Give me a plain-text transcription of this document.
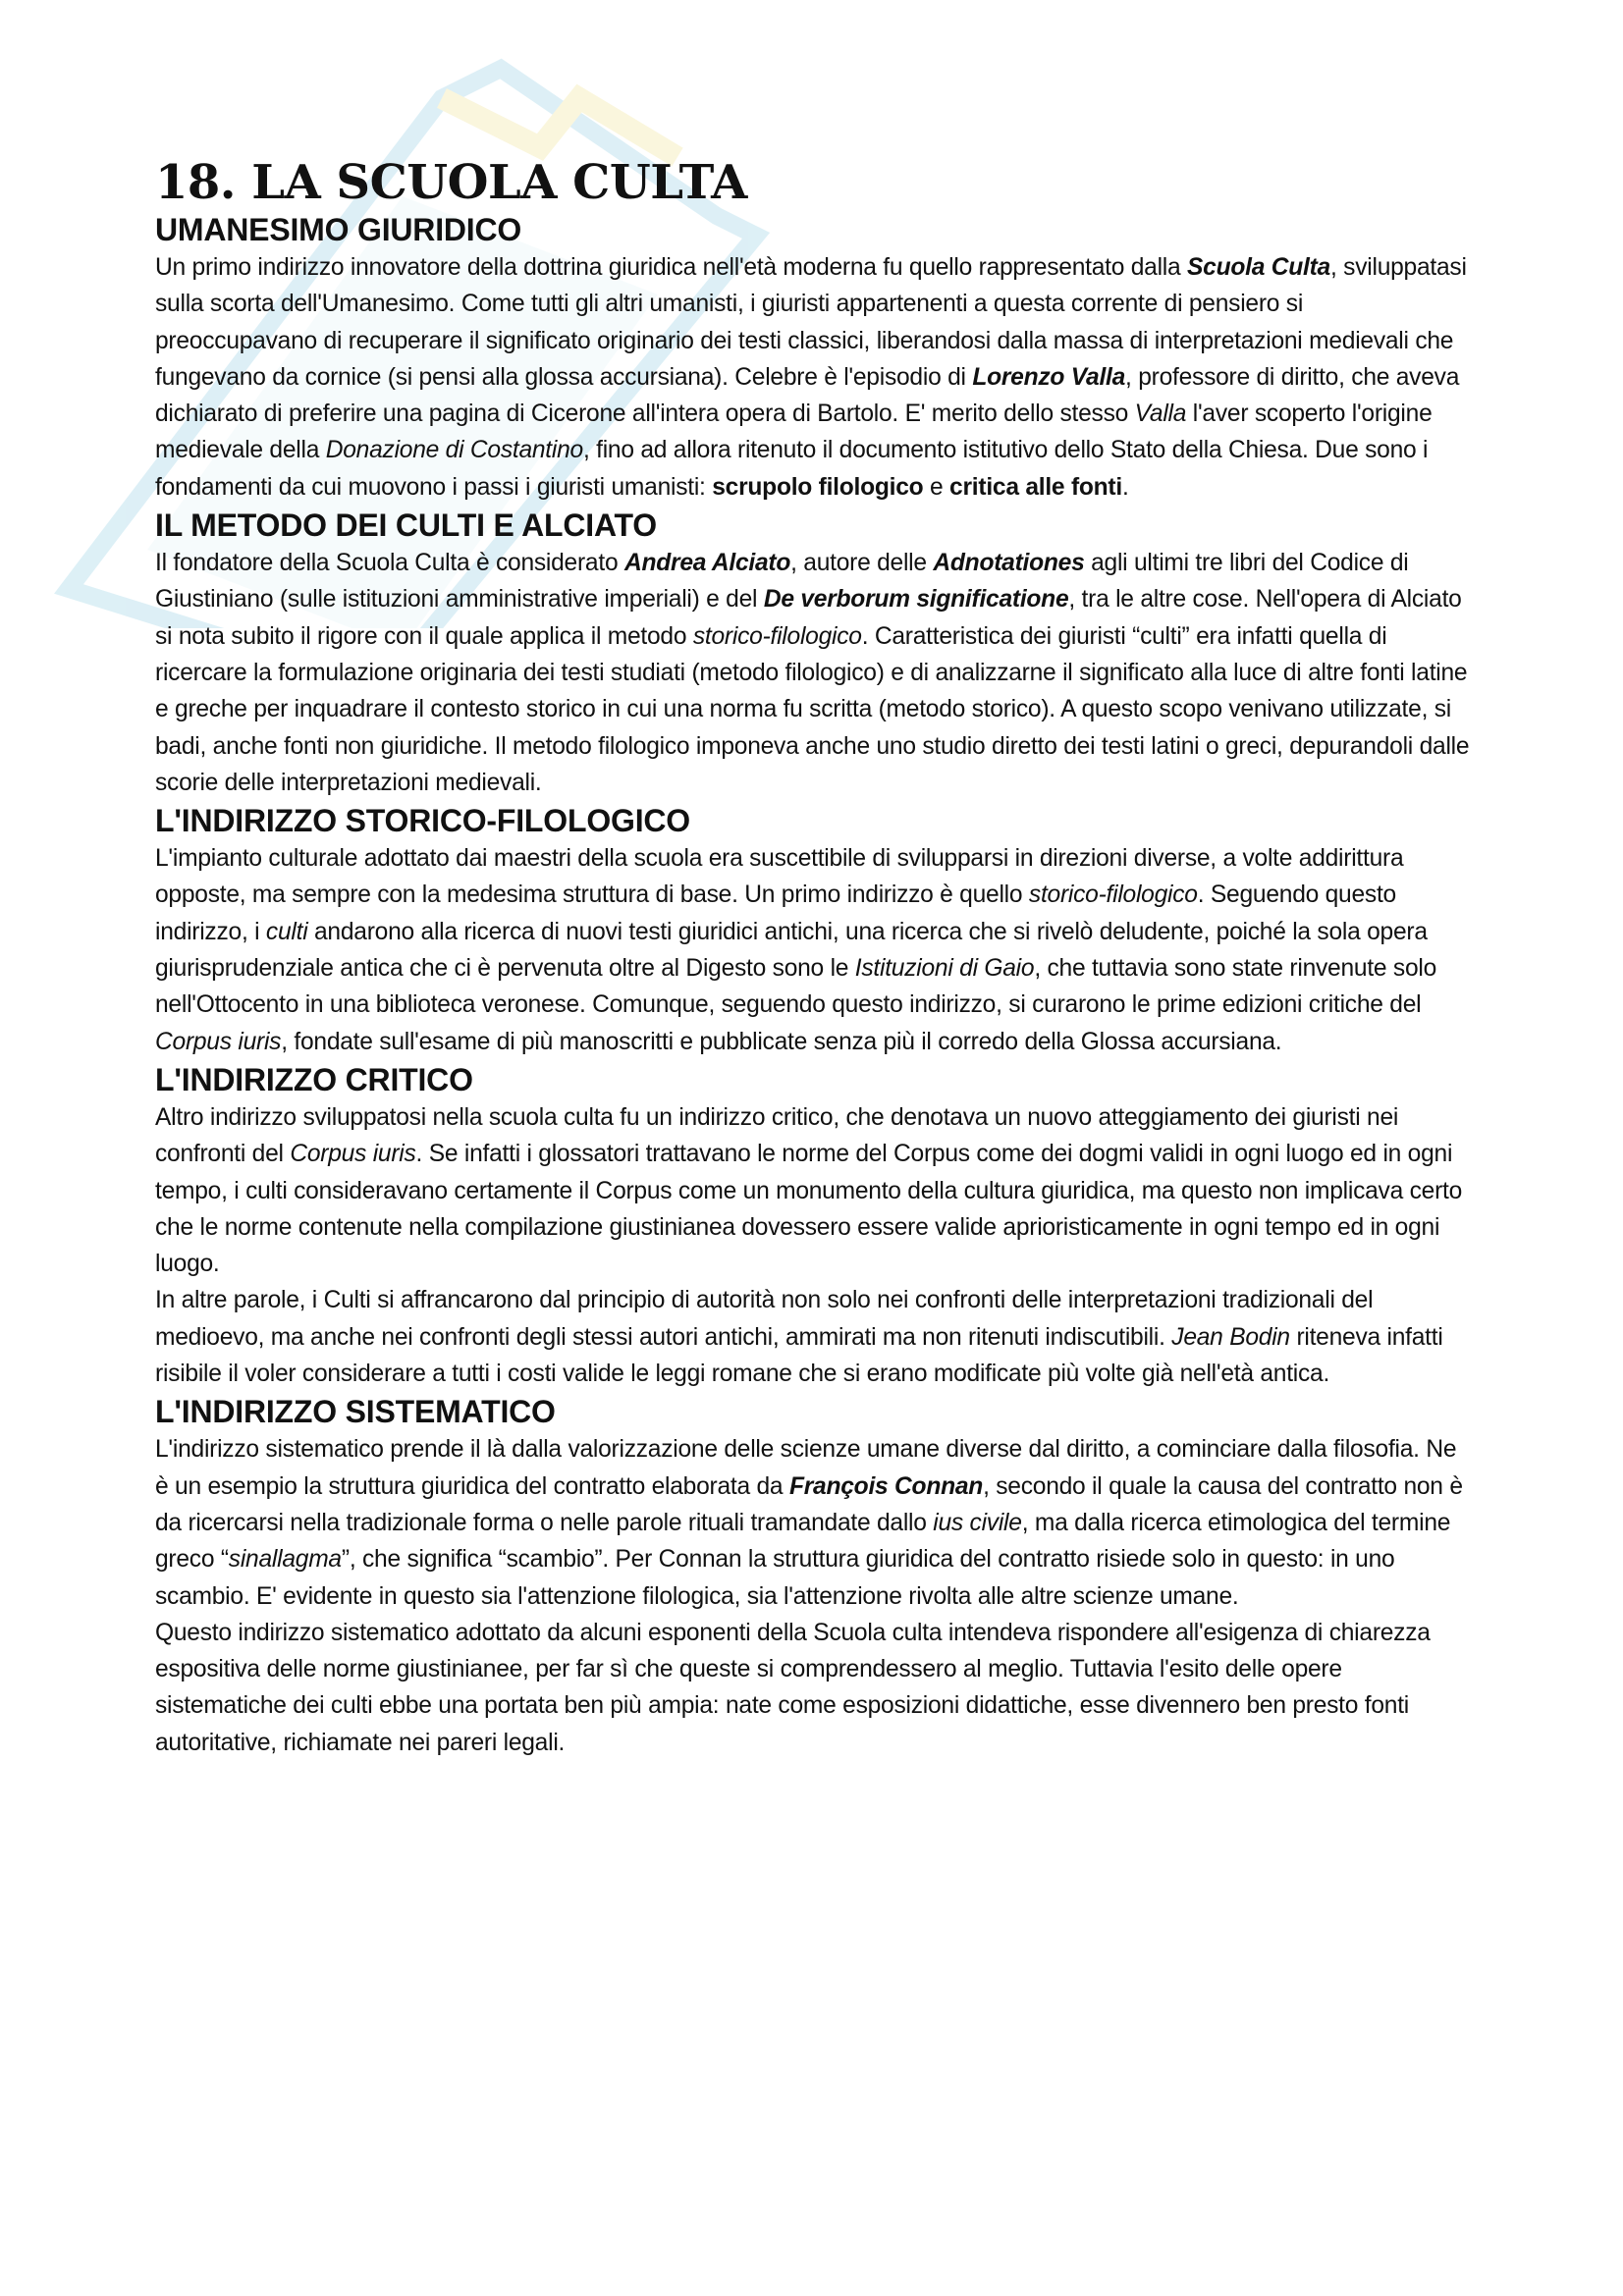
18. LA SCUOLA CULTA
UMANESIMO GIURIDICO

Un primo indirizzo innovatore della dottrina giuridica nell'età moderna fu quello rappresentato dalla Scuola Culta, sviluppatasi sulla scorta dell'Umanesimo. Come tutti gli altri umanisti, i giuristi appartenenti a questa corrente di pensiero si preoccupavano di recuperare il significato originario dei testi classici, liberandosi dalla massa di interpretazioni medievali che fungevano da cornice (si pensi alla glossa accursiana). Celebre è l'episodio di Lorenzo Valla, professore di diritto, che aveva dichiarato di preferire una pagina di Cicerone all'intera opera di Bartolo. E' merito dello stesso Valla l'aver scoperto l'origine medievale della Donazione di Costantino, fino ad allora ritenuto il documento istitutivo dello Stato della Chiesa. Due sono i fondamenti da cui muovono i passi i giuristi umanisti: scrupolo filologico e critica alle fonti.

IL METODO DEI CULTI E ALCIATO

Il fondatore della Scuola Culta è considerato Andrea Alciato, autore delle Adnotationes agli ultimi tre libri del Codice di Giustiniano (sulle istituzioni amministrative imperiali) e del De verborum significatione, tra le altre cose. Nell'opera di Alciato si nota subito il rigore con il quale applica il metodo storico-filologico. Caratteristica dei giuristi “culti” era infatti quella di ricercare la formulazione originaria dei testi studiati (metodo filologico) e di analizzarne il significato alla luce di altre fonti latine e greche per inquadrare il contesto storico in cui una norma fu scritta (metodo storico). A questo scopo venivano utilizzate, si badi, anche fonti non giuridiche. Il metodo filologico imponeva anche uno studio diretto dei testi latini o greci, depurandoli dalle scorie delle interpretazioni medievali.

L'INDIRIZZO STORICO-FILOLOGICO

L'impianto culturale adottato dai maestri della scuola era suscettibile di svilupparsi in direzioni diverse, a volte addirittura opposte, ma sempre con la medesima struttura di base. Un primo indirizzo è quello storico-filologico. Seguendo questo indirizzo, i culti andarono alla ricerca di nuovi testi giuridici antichi, una ricerca che si rivelò deludente, poiché la sola opera giurisprudenziale antica che ci è pervenuta oltre al Digesto sono le Istituzioni di Gaio, che tuttavia sono state rinvenute solo nell'Ottocento in una biblioteca veronese. Comunque, seguendo questo indirizzo, si curarono le prime edizioni critiche del Corpus iuris, fondate sull'esame di più manoscritti e pubblicate senza più il corredo della Glossa accursiana.

L'INDIRIZZO CRITICO

Altro indirizzo sviluppatosi nella scuola culta fu un indirizzo critico, che denotava un nuovo atteggiamento dei giuristi nei confronti del Corpus iuris. Se infatti i glossatori trattavano le norme del Corpus come dei dogmi validi in ogni luogo ed in ogni tempo, i culti consideravano certamente il Corpus come un monumento della cultura giuridica, ma questo non implicava certo che le norme contenute nella compilazione giustinianea dovessero essere valide aprioristicamente in ogni tempo ed in ogni luogo.

In altre parole, i Culti si affrancarono dal principio di autorità non solo nei confronti delle interpretazioni tradizionali del medioevo, ma anche nei confronti degli stessi autori antichi, ammirati ma non ritenuti indiscutibili. Jean Bodin riteneva infatti risibile il voler considerare a tutti i costi valide le leggi romane che si erano modificate più volte già nell'età antica.

L'INDIRIZZO SISTEMATICO

L'indirizzo sistematico prende il là dalla valorizzazione delle scienze umane diverse dal diritto, a cominciare dalla filosofia. Ne è un esempio la struttura giuridica del contratto elaborata da François Connan, secondo il quale la causa del contratto non è da ricercarsi nella tradizionale forma o nelle parole rituali tramandate dallo ius civile, ma dalla ricerca etimologica del termine greco “sinallagma”, che significa “scambio”. Per Connan la struttura giuridica del contratto risiede solo in questo: in uno scambio. E' evidente in questo sia l'attenzione filologica, sia l'attenzione rivolta alle altre scienze umane.

Questo indirizzo sistematico adottato da alcuni esponenti della Scuola culta intendeva rispondere all'esigenza di chiarezza espositiva delle norme giustinianee, per far sì che queste si comprendessero al meglio. Tuttavia l'esito delle opere sistematiche dei culti ebbe una portata ben più ampia: nate come esposizioni didattiche, esse divennero ben presto fonti autoritative, richiamate nei pareri legali.
